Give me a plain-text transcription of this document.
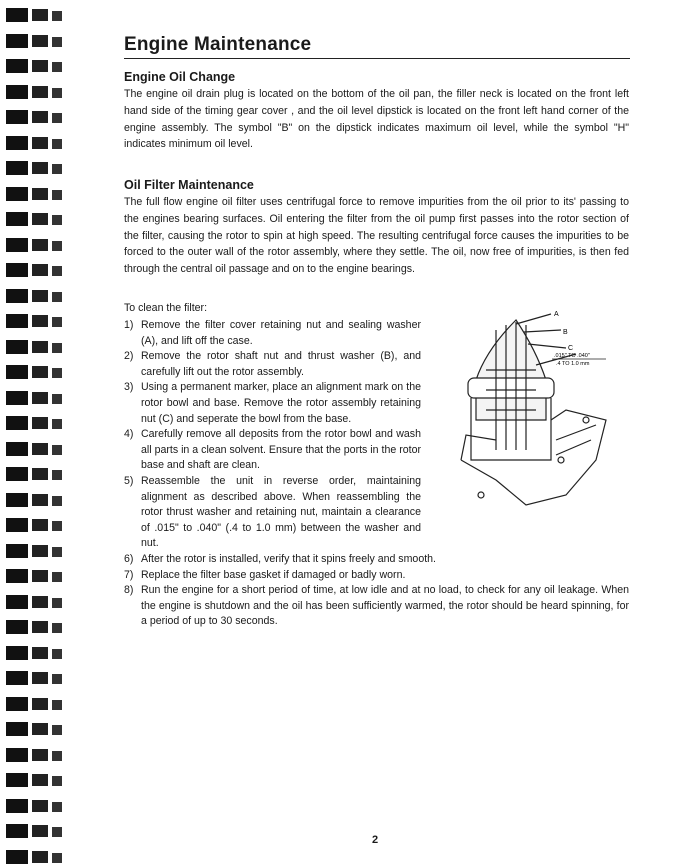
Engine Maintenance
Engine Oil Change

The engine oil drain plug is located on the bottom of the oil pan, the filler neck is located on the front left hand side of the timing gear cover , and the oil level dipstick is located on the front left hand corner of the engine assembly. The symbol "B" on the dipstick indicates maximum oil level, while the symbol "H" indicates minimum oil level.

Oil Filter Maintenance

The full flow engine oil filter uses centrifugal force to remove impurities from the oil prior to its' passing to the engines bearing surfaces. Oil entering the filter from the oil pump first passes into the rotor section of the filter, causing the rotor to spin at high speed. The resulting centrifugal force causes the impurities to be forced to the outer wall of the rotor assembly, where they settle. The oil, now free of impurities, is then fed through the central oil passage and on to the engine bearings.

To clean the filter:
1) Remove the filter cover retaining nut and sealing washer (A), and lift off the case.
2) Remove the rotor shaft nut and thrust washer (B), and carefully lift out the rotor assembly.
3) Using a permanent marker, place an alignment mark on the rotor bowl and base. Remove the rotor assembly retaining nut (C) and seperate the bowl from the base.
4) Carefully remove all deposits from the rotor bowl and wash all parts in a clean solvent. Ensure that the ports in the rotor base and shaft are clean.
5) Reassemble the unit in reverse order, maintaining alignment as described above. When reassembling the rotor thrust washer and retaining nut, maintain a clearance of .015" to .040" (.4 to 1.0 mm) between the washer and nut.
6) After the rotor is installed, verify that it spins freely and smooth.
7) Replace the filter base gasket if damaged or badly worn.
8) Run the engine for a short period of time, at low idle and at no load, to check for any oil leakage. When the engine is shutdown and the oil has been sufficiently warmed, the rotor should be heard spinning, for a period of up to 30 seconds.
A
B
C
.015" TO .040"
.4 TO 1.0 mm
2
